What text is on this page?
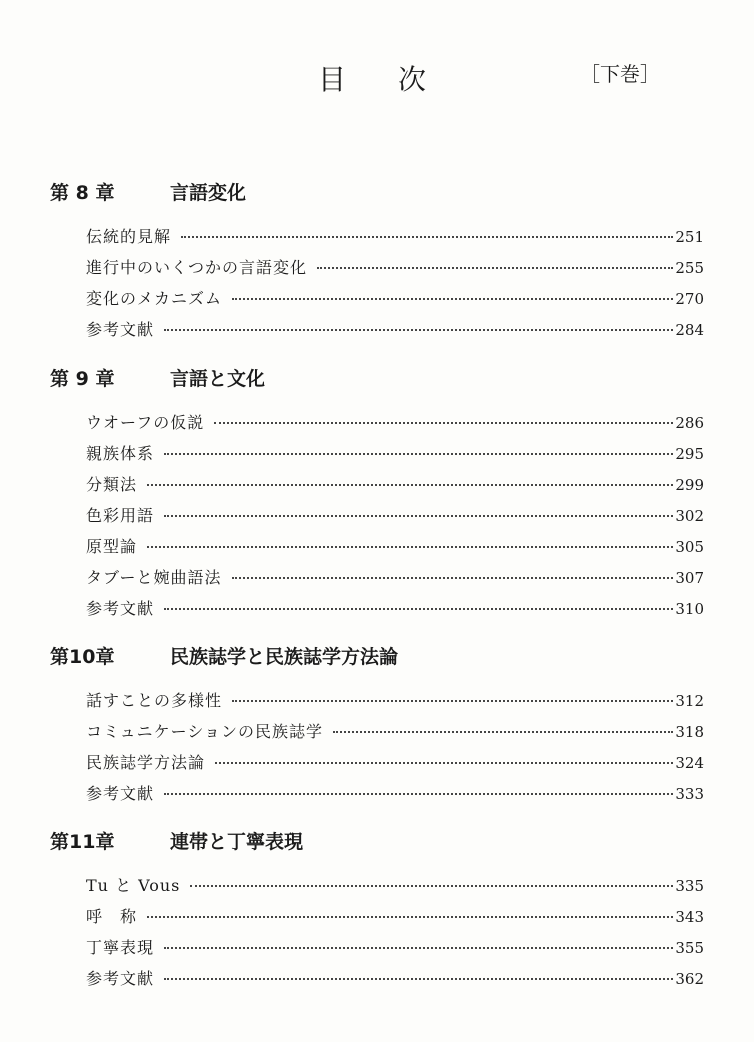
目次	［下巻］
第 8 章	言語変化
伝統的見解	251
進行中のいくつかの言語変化	255
変化のメカニズム	270
参考文献	284
第 9 章	言語と文化
ウオーフの仮説	286
親族体系	295
分類法	299
色彩用語	302
原型論	305
タブーと婉曲語法	307
参考文献	310
第10章	民族誌学と民族誌学方法論
話すことの多様性	312
コミュニケーションの民族誌学	318
民族誌学方法論	324
参考文献	333
第11章	連帯と丁寧表現
Tu と Vous	335
呼　称	343
丁寧表現	355
参考文献	362
